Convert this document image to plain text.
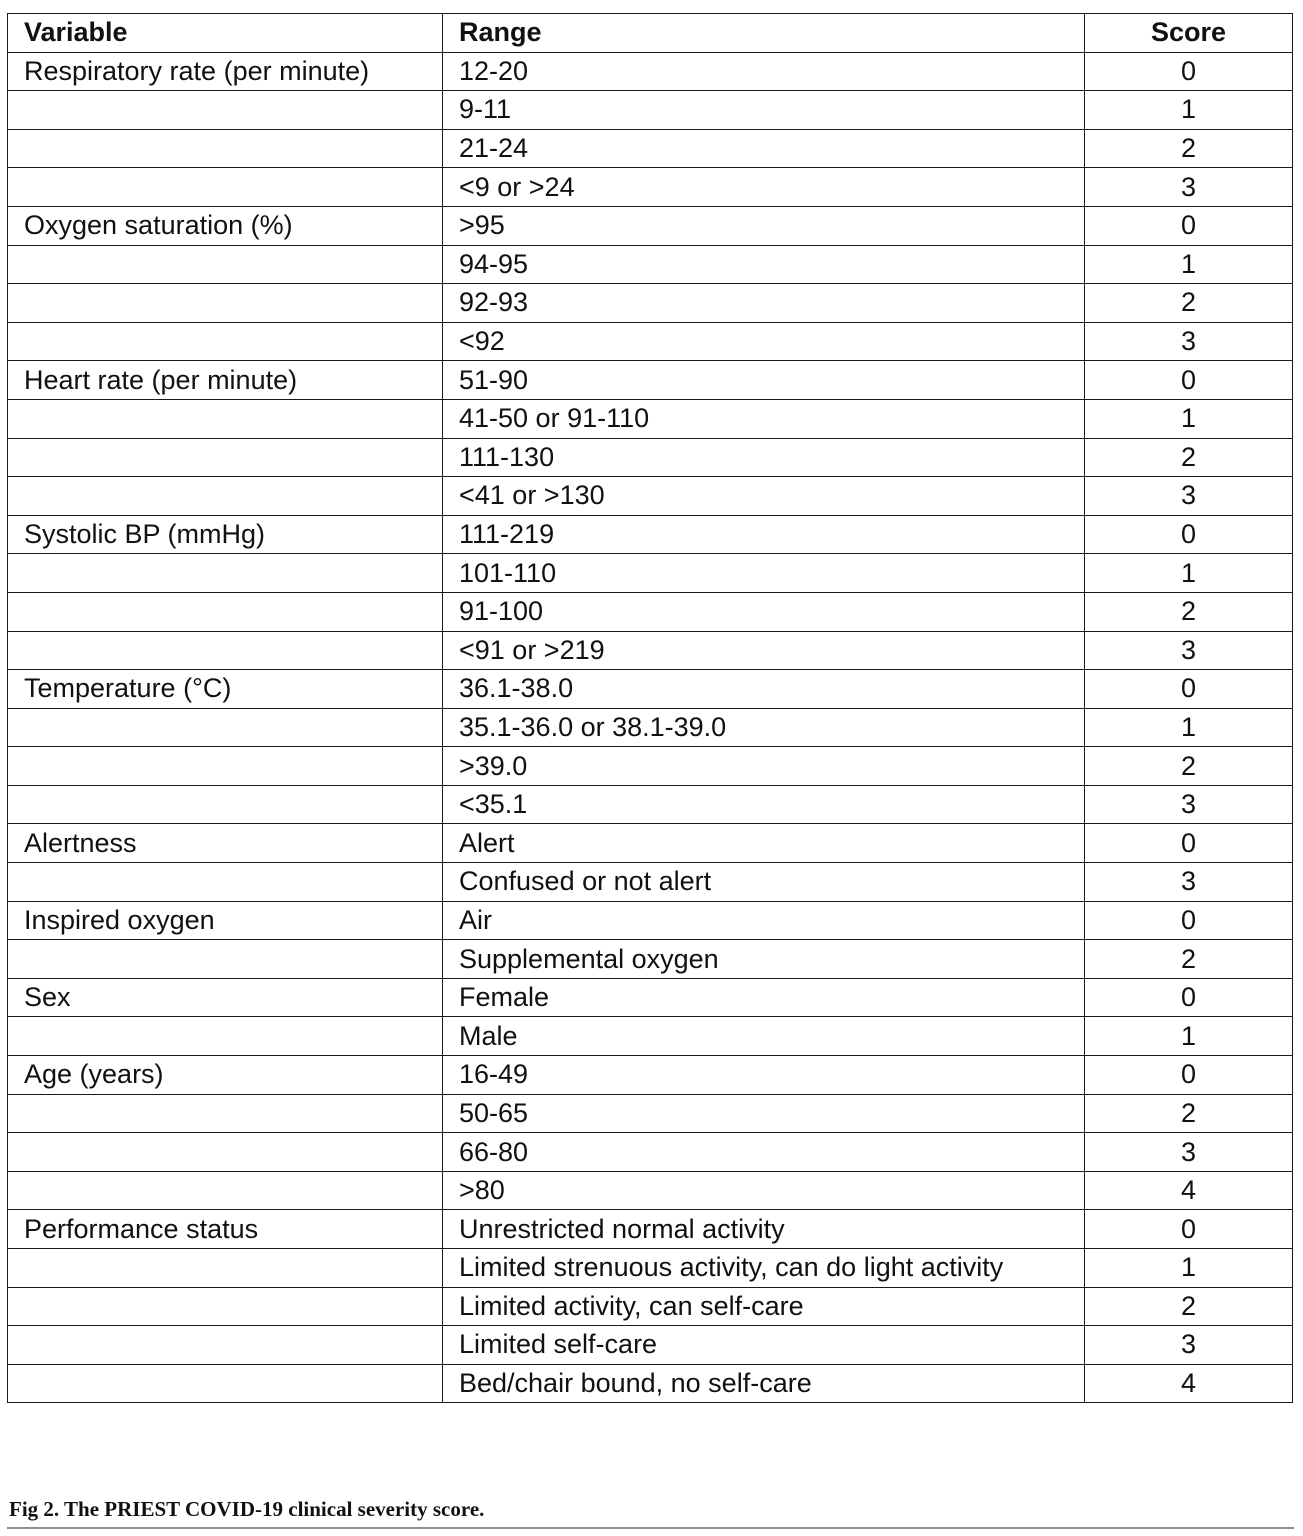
Variable	Range	Score
Respiratory rate (per minute)	12-20	0
	9-11	1
	21-24	2
	<9 or >24	3
Oxygen saturation (%)	>95	0
	94-95	1
	92-93	2
	<92	3
Heart rate (per minute)	51-90	0
	41-50 or 91-110	1
	111-130	2
	<41 or >130	3
Systolic BP (mmHg)	111-219	0
	101-110	1
	91-100	2
	<91 or >219	3
Temperature (°C)	36.1-38.0	0
	35.1-36.0 or 38.1-39.0	1
	>39.0	2
	<35.1	3
Alertness	Alert	0
	Confused or not alert	3
Inspired oxygen	Air	0
	Supplemental oxygen	2
Sex	Female	0
	Male	1
Age (years)	16-49	0
	50-65	2
	66-80	3
	>80	4
Performance status	Unrestricted normal activity	0
	Limited strenuous activity, can do light activity	1
	Limited activity, can self-care	2
	Limited self-care	3
	Bed/chair bound, no self-care	4
Fig 2. The PRIEST COVID-19 clinical severity score.
